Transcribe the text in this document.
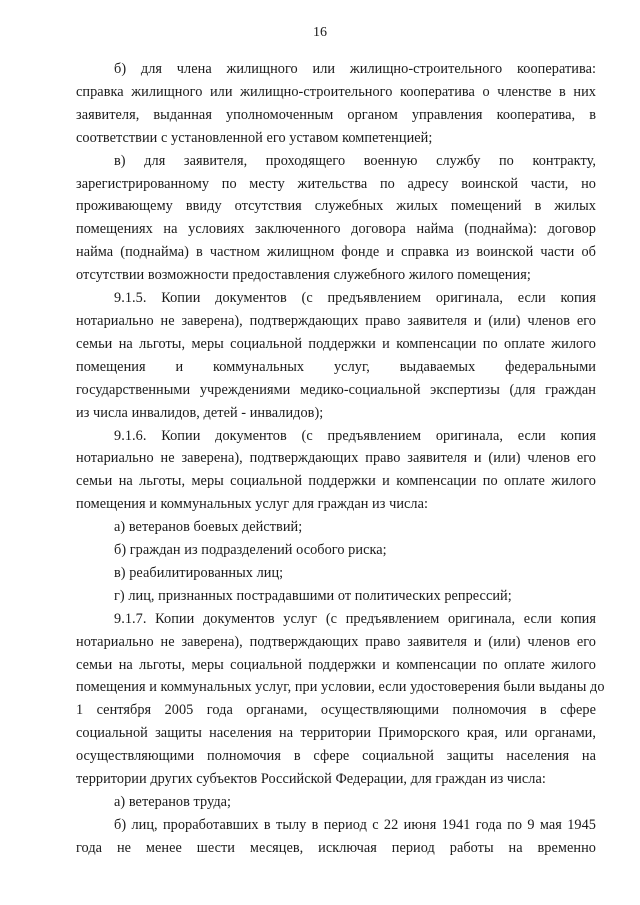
16
б) для члена жилищного или жилищно-строительного кооператива:
справка жилищного или жилищно-строительного кооператива о членстве в них
заявителя, выданная уполномоченным органом управления кооператива, в
соответствии с установленной его уставом компетенцией;
в) для заявителя, проходящего военную службу по контракту,
зарегистрированному по месту жительства по адресу воинской части, но
проживающему ввиду отсутствия служебных жилых помещений в жилых
помещениях на условиях заключенного договора найма (поднайма): договор
найма (поднайма) в частном жилищном фонде и справка из воинской части об
отсутствии возможности предоставления служебного жилого помещения;
9.1.5. Копии документов (с предъявлением оригинала, если копия
нотариально не заверена), подтверждающих право заявителя и (или) членов его
семьи на льготы, меры социальной поддержки и компенсации по оплате жилого
помещения и коммунальных услуг, выдаваемых федеральными
государственными учреждениями медико-социальной экспертизы (для граждан
из числа инвалидов, детей - инвалидов);
9.1.6. Копии документов (с предъявлением оригинала, если копия
нотариально не заверена), подтверждающих право заявителя и (или) членов его
семьи на льготы, меры социальной поддержки и компенсации по оплате жилого
помещения и коммунальных услуг для граждан из числа:
а) ветеранов боевых действий;
б) граждан из подразделений особого риска;
в) реабилитированных лиц;
г) лиц, признанных пострадавшими от политических репрессий;
9.1.7. Копии документов услуг (с предъявлением оригинала, если копия
нотариально не заверена), подтверждающих право заявителя и (или) членов его
семьи на льготы, меры социальной поддержки и компенсации по оплате жилого
помещения и коммунальных услуг, при условии, если удостоверения были выданы до
1 сентября 2005 года органами, осуществляющими полномочия в сфере
социальной защиты населения на территории Приморского края, или органами,
осуществляющими полномочия в сфере социальной защиты населения на
территории других субъектов Российской Федерации, для граждан из числа:
а) ветеранов труда;
б) лиц, проработавших в тылу в период с 22 июня 1941 года по 9 мая 1945
года не менее шести месяцев, исключая период работы на временно
